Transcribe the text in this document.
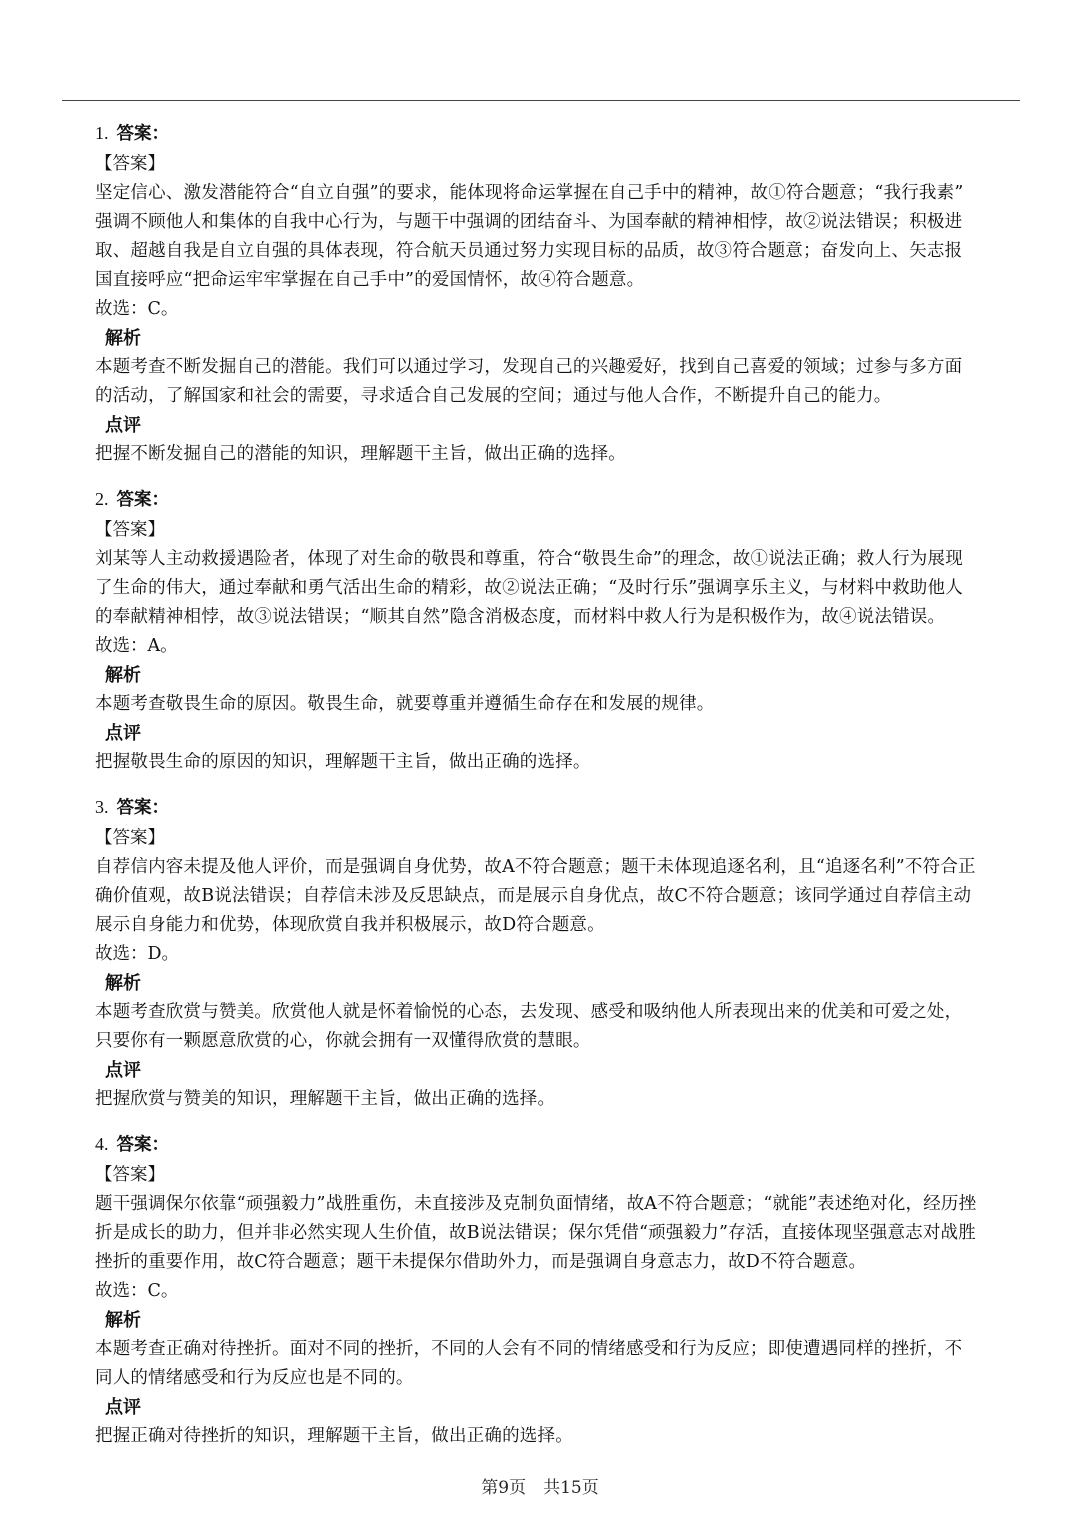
1. 答案：
【答案】
坚定信心、激发潜能符合“自立自强”的要求，能体现将命运掌握在自己手中的精神，故①符合题意；“我行我素”
强调不顾他人和集体的自我中心行为，与题干中强调的团结奋斗、为国奉献的精神相悖，故②说法错误；积极进
取、超越自我是自立自强的具体表现，符合航天员通过努力实现目标的品质，故③符合题意；奋发向上、矢志报
国直接呼应“把命运牢牢掌握在自己手中”的爱国情怀，故④符合题意。
故选：C。
解析
本题考查不断发掘自己的潜能。我们可以通过学习，发现自己的兴趣爱好，找到自己喜爱的领域；过参与多方面
的活动，了解国家和社会的需要，寻求适合自己发展的空间；通过与他人合作，不断提升自己的能力。
点评
把握不断发掘自己的潜能的知识，理解题干主旨，做出正确的选择。
2. 答案：
【答案】
刘某等人主动救援遇险者，体现了对生命的敬畏和尊重，符合“敬畏生命”的理念，故①说法正确；救人行为展现
了生命的伟大，通过奉献和勇气活出生命的精彩，故②说法正确；“及时行乐”强调享乐主义，与材料中救助他人
的奉献精神相悖，故③说法错误；“顺其自然”隐含消极态度，而材料中救人行为是积极作为，故④说法错误。
故选：A。
解析
本题考查敬畏生命的原因。敬畏生命，就要尊重并遵循生命存在和发展的规律。
点评
把握敬畏生命的原因的知识，理解题干主旨，做出正确的选择。
3. 答案：
【答案】
自荐信内容未提及他人评价，而是强调自身优势，故A不符合题意；题干未体现追逐名利，且“追逐名利”不符合正
确价值观，故B说法错误；自荐信未涉及反思缺点，而是展示自身优点，故C不符合题意；该同学通过自荐信主动
展示自身能力和优势，体现欣赏自我并积极展示，故D符合题意。
故选：D。
解析
本题考查欣赏与赞美。欣赏他人就是怀着愉悦的心态，去发现、感受和吸纳他人所表现出来的优美和可爱之处，
只要你有一颗愿意欣赏的心，你就会拥有一双懂得欣赏的慧眼。
点评
把握欣赏与赞美的知识，理解题干主旨，做出正确的选择。
4. 答案：
【答案】
题干强调保尔依靠“顽强毅力”战胜重伤，未直接涉及克制负面情绪，故A不符合题意；“就能”表述绝对化，经历挫
折是成长的助力，但并非必然实现人生价值，故B说法错误；保尔凭借“顽强毅力”存活，直接体现坚强意志对战胜
挫折的重要作用，故C符合题意；题干未提保尔借助外力，而是强调自身意志力，故D不符合题意。
故选：C。
解析
本题考查正确对待挫折。面对不同的挫折，不同的人会有不同的情绪感受和行为反应；即使遭遇同样的挫折，不
同人的情绪感受和行为反应也是不同的。
点评
把握正确对待挫折的知识，理解题干主旨，做出正确的选择。
第9页　共15页
